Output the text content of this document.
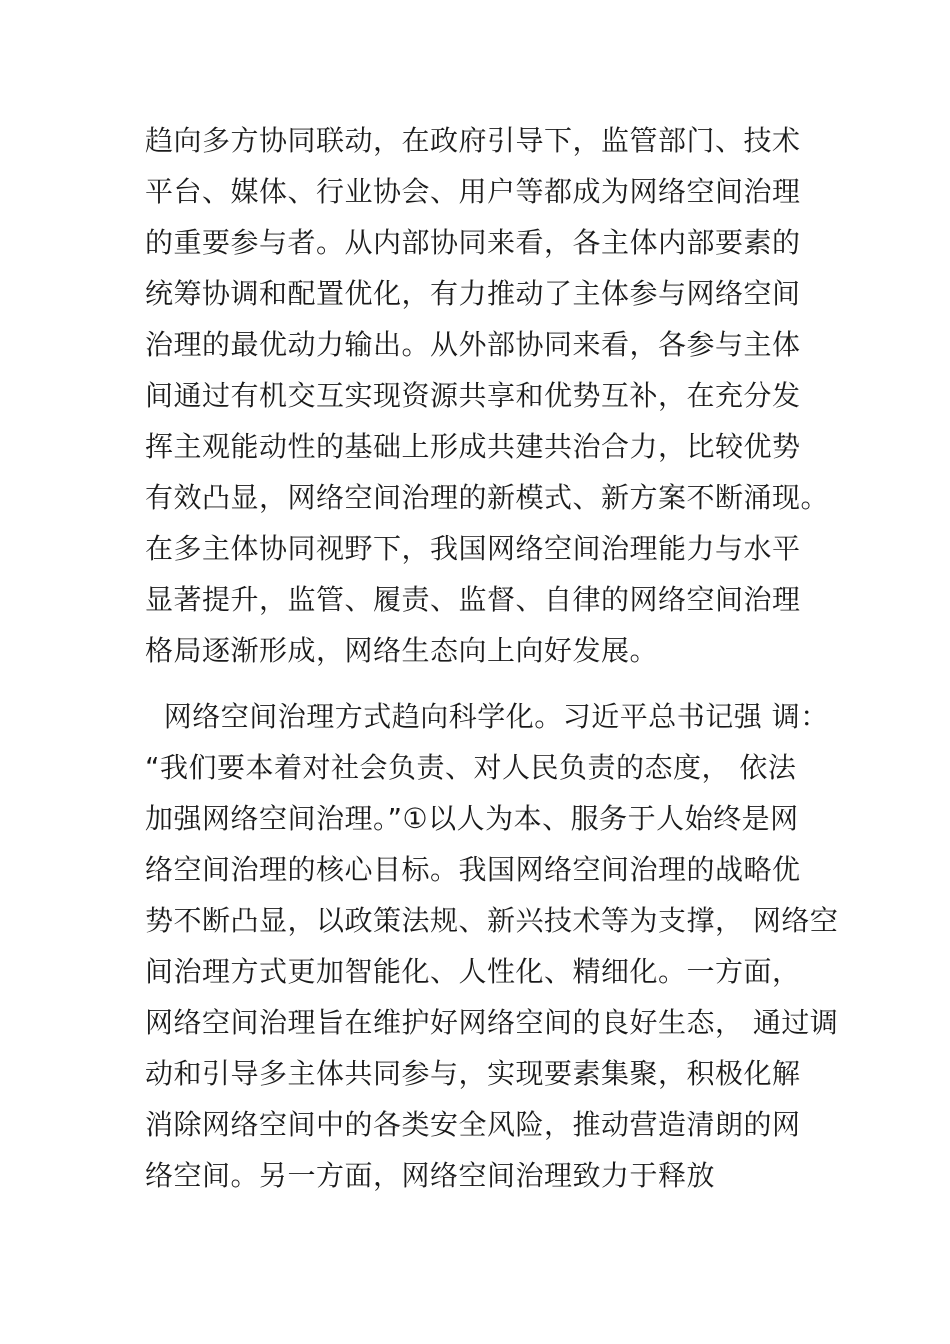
趋向多方协同联动，在政府引导下，监管部门、技术
平台、媒体、行业协会、用户等都成为网络空间治理
的重要参与者。从内部协同来看，各主体内部要素的
统筹协调和配置优化，有力推动了主体参与网络空间
治理的最优动力输出。从外部协同来看，各参与主体
间通过有机交互实现资源共享和优势互补，在充分发
挥主观能动性的基础上形成共建共治合力，比较优势
有效凸显，网络空间治理的新模式、新方案不断涌现。
在多主体协同视野下，我国网络空间治理能力与水平
显著提升，监管、履责、监督、自律的网络空间治理
格局逐渐形成，网络生态向上向好发展。
网络空间治理方式趋向科学化。习近平总书记强 调：
“我们要本着对社会负责、对人民负责的态度， 依法
加强网络空间治理。”①以人为本、服务于人始终是网
络空间治理的核心目标。我国网络空间治理的战略优
势不断凸显，以政策法规、新兴技术等为支撑， 网络空
间治理方式更加智能化、人性化、精细化。一方面，
网络空间治理旨在维护好网络空间的良好生态， 通过调
动和引导多主体共同参与，实现要素集聚，积极化解
消除网络空间中的各类安全风险，推动营造清朗的网
络空间。另一方面，网络空间治理致力于释放
